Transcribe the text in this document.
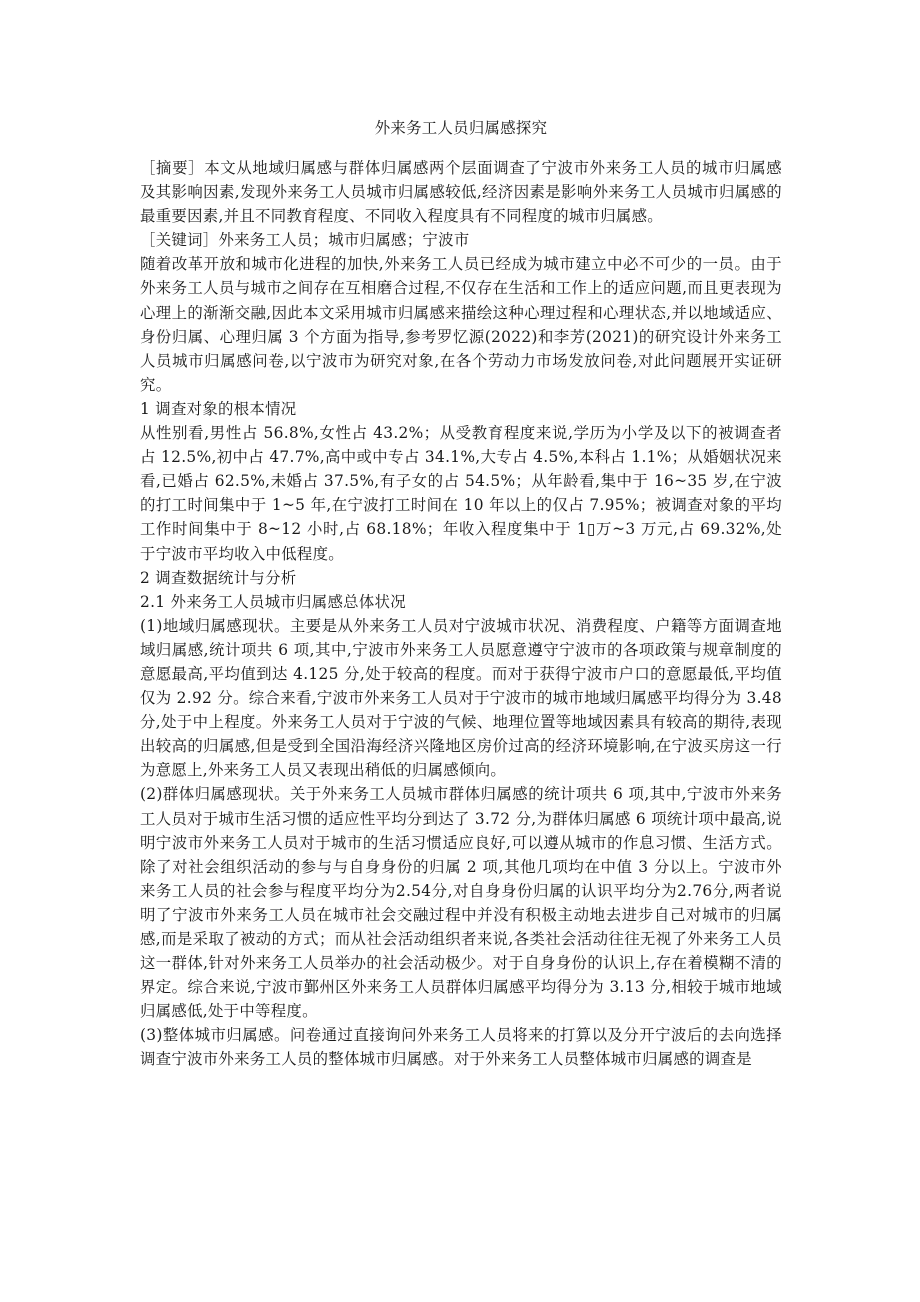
外来务工人员归属感探究

［摘要］本文从地域归属感与群体归属感两个层面调查了宁波市外来务工人员的城市归属感及其影响因素,发现外来务工人员城市归属感较低,经济因素是影响外来务工人员城市归属感的最重要因素,并且不同教育程度、不同收入程度具有不同程度的城市归属感。

［关键词］外来务工人员；城市归属感；宁波市

随着改革开放和城市化进程的加快,外来务工人员已经成为城市建立中必不可少的一员。由于外来务工人员与城市之间存在互相磨合过程,不仅存在生活和工作上的适应问题,而且更表现为心理上的渐渐交融,因此本文采用城市归属感来描绘这种心理过程和心理状态,并以地域适应、身份归属、心理归属 3 个方面为指导,参考罗忆源(2022)和李芳(2021)的研究设计外来务工人员城市归属感问卷,以宁波市为研究对象,在各个劳动力市场发放问卷,对此问题展开实证研究。

1 调查对象的根本情况

从性别看,男性占 56.8%,女性占 43.2%；从受教育程度来说,学历为小学及以下的被调查者占 12.5%,初中占 47.7%,高中或中专占 34.1%,大专占 4.5%,本科占 1.1%；从婚姻状况来看,已婚占 62.5%,未婚占 37.5%,有子女的占 54.5%；从年龄看,集中于 16~35 岁,在宁波的打工时间集中于 1~5 年,在宁波打工时间在 10 年以上的仅占 7.95%；被调查对象的平均工作时间集中于 8~12 小时,占 68.18%；年收入程度集中于 1▯万~3 万元,占 69.32%,处于宁波市平均收入中低程度。

2 调查数据统计与分析

2.1 外来务工人员城市归属感总体状况

(1)地域归属感现状。主要是从外来务工人员对宁波城市状况、消费程度、户籍等方面调查地域归属感,统计项共 6 项,其中,宁波市外来务工人员愿意遵守宁波市的各项政策与规章制度的意愿最高,平均值到达 4.125 分,处于较高的程度。而对于获得宁波市户口的意愿最低,平均值仅为 2.92 分。综合来看,宁波市外来务工人员对于宁波市的城市地域归属感平均得分为 3.48 分,处于中上程度。外来务工人员对于宁波的气候、地理位置等地域因素具有较高的期待,表现出较高的归属感,但是受到全国沿海经济兴隆地区房价过高的经济环境影响,在宁波买房这一行为意愿上,外来务工人员又表现出稍低的归属感倾向。

(2)群体归属感现状。关于外来务工人员城市群体归属感的统计项共 6 项,其中,宁波市外来务工人员对于城市生活习惯的适应性平均分到达了 3.72 分,为群体归属感 6 项统计项中最高,说明宁波市外来务工人员对于城市的生活习惯适应良好,可以遵从城市的作息习惯、生活方式。除了对社会组织活动的参与与自身身份的归属 2 项,其他几项均在中值 3 分以上。宁波市外来务工人员的社会参与程度平均分为2.54分,对自身身份归属的认识平均分为2.76分,两者说明了宁波市外来务工人员在城市社会交融过程中并没有积极主动地去进步自己对城市的归属感,而是采取了被动的方式；而从社会活动组织者来说,各类社会活动往往无视了外来务工人员这一群体,针对外来务工人员举办的社会活动极少。对于自身身份的认识上,存在着模糊不清的界定。综合来说,宁波市鄞州区外来务工人员群体归属感平均得分为 3.13 分,相较于城市地域归属感低,处于中等程度。

(3)整体城市归属感。问卷通过直接询问外来务工人员将来的打算以及分开宁波后的去向选择调查宁波市外来务工人员的整体城市归属感。对于外来务工人员整体城市归属感的调查是
